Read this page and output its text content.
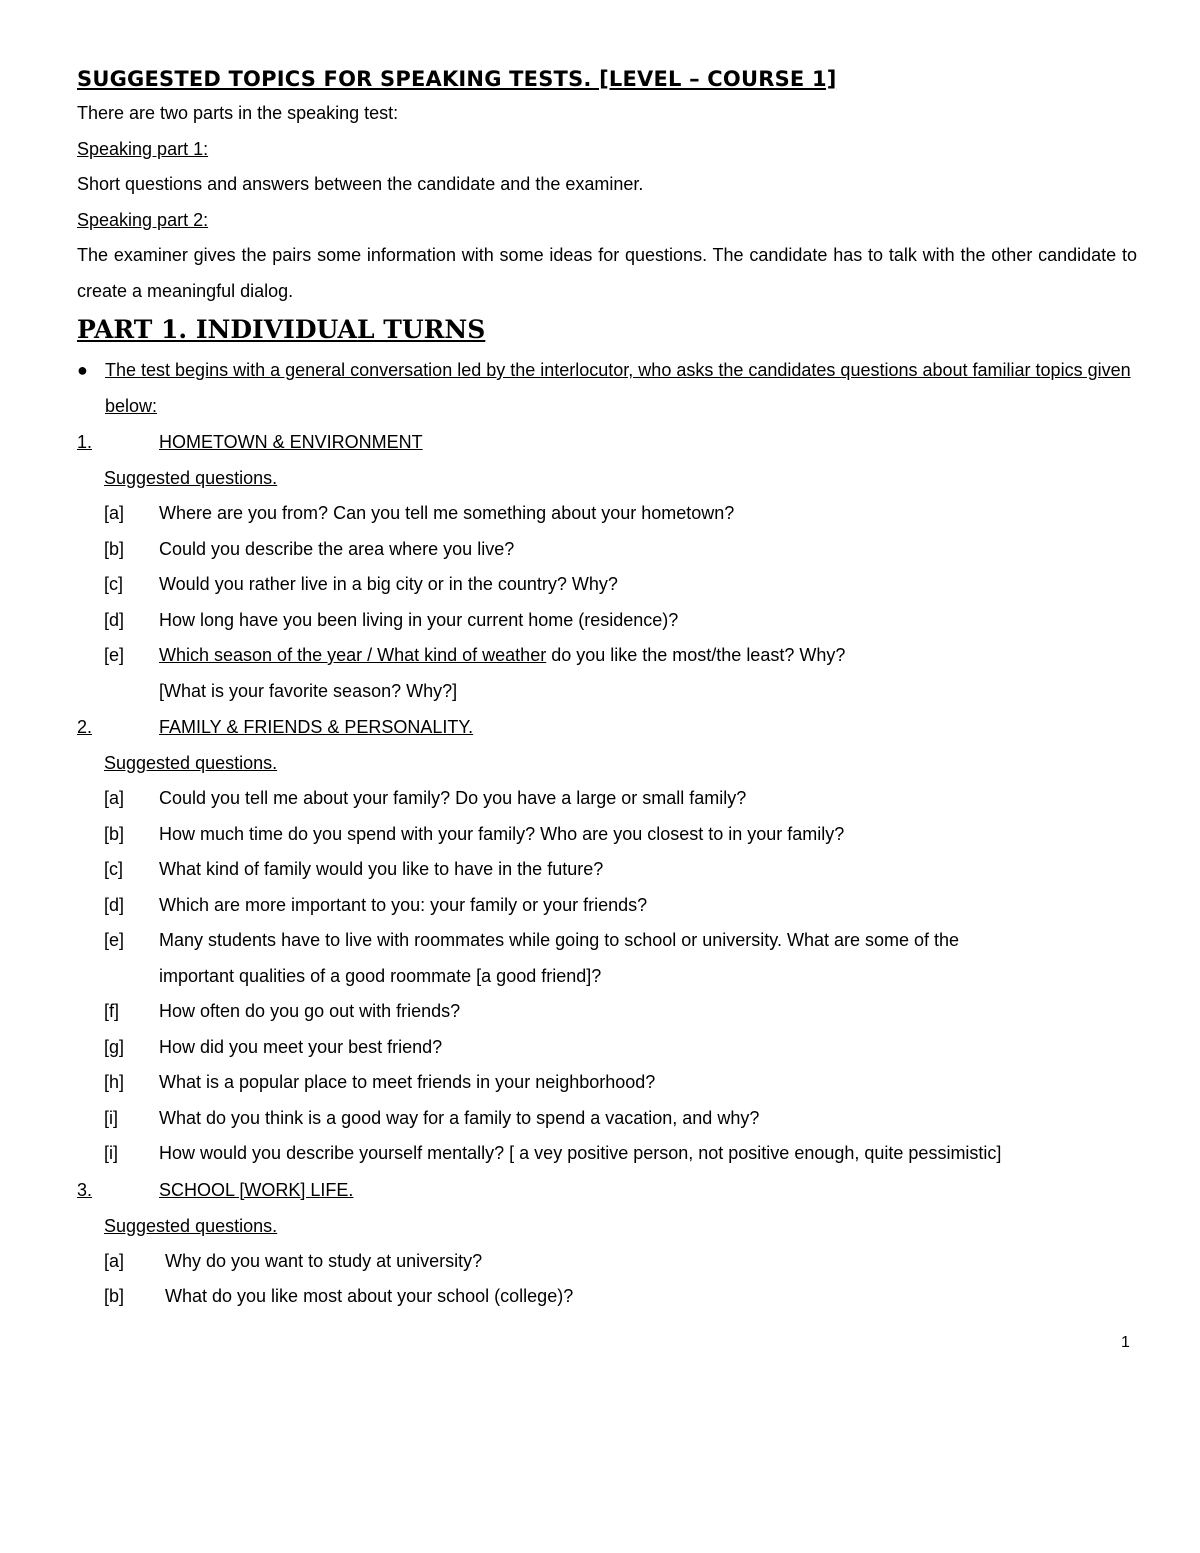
SUGGESTED TOPICS FOR SPEAKING TESTS. [LEVEL – COURSE 1]

There are two parts in the speaking test:

Speaking part 1:

Short questions and answers between the candidate and the examiner.

Speaking part 2:

The examiner gives the pairs some information with some ideas for questions. The candidate has to talk with the other candidate to create a meaningful dialog.

PART 1. INDIVIDUAL TURNS

● The test begins with a general conversation led by the interlocutor, who asks the candidates questions about familiar topics given below:

1.	HOMETOWN & ENVIRONMENT

Suggested questions.

[a]	Where are you from? Can you tell me something about your hometown?

[b]	Could you describe the area where you live?

[c]	Would you rather live in a big city or in the country? Why?

[d]	How long have you been living in your current home (residence)?

[e]	Which season of the year / What kind of weather do you like the most/the least? Why?

[What is your favorite season? Why?]

2.	FAMILY & FRIENDS & PERSONALITY.

Suggested questions.

[a]	Could you tell me about your family? Do you have a large or small family?

[b]	How much time do you spend with your family? Who are you closest to in your family?

[c]	What kind of family would you like to have in the future?

[d]	Which are more important to you: your family or your friends?

[e]	Many students have to live with roommates while going to school or university. What are some of the

important qualities of a good roommate [a good friend]?

[f]	How often do you go out with friends?

[g]	How did you meet your best friend?

[h]	What is a popular place to meet friends in your neighborhood?

[i]	What do you think is a good way for a family to spend a vacation, and why?

[i]	How would you describe yourself mentally? [ a vey positive person, not positive enough, quite pessimistic]

3.	SCHOOL [WORK] LIFE.

Suggested questions.

[a]	Why do you want to study at university?

[b]	What do you like most about your school (college)?

1
